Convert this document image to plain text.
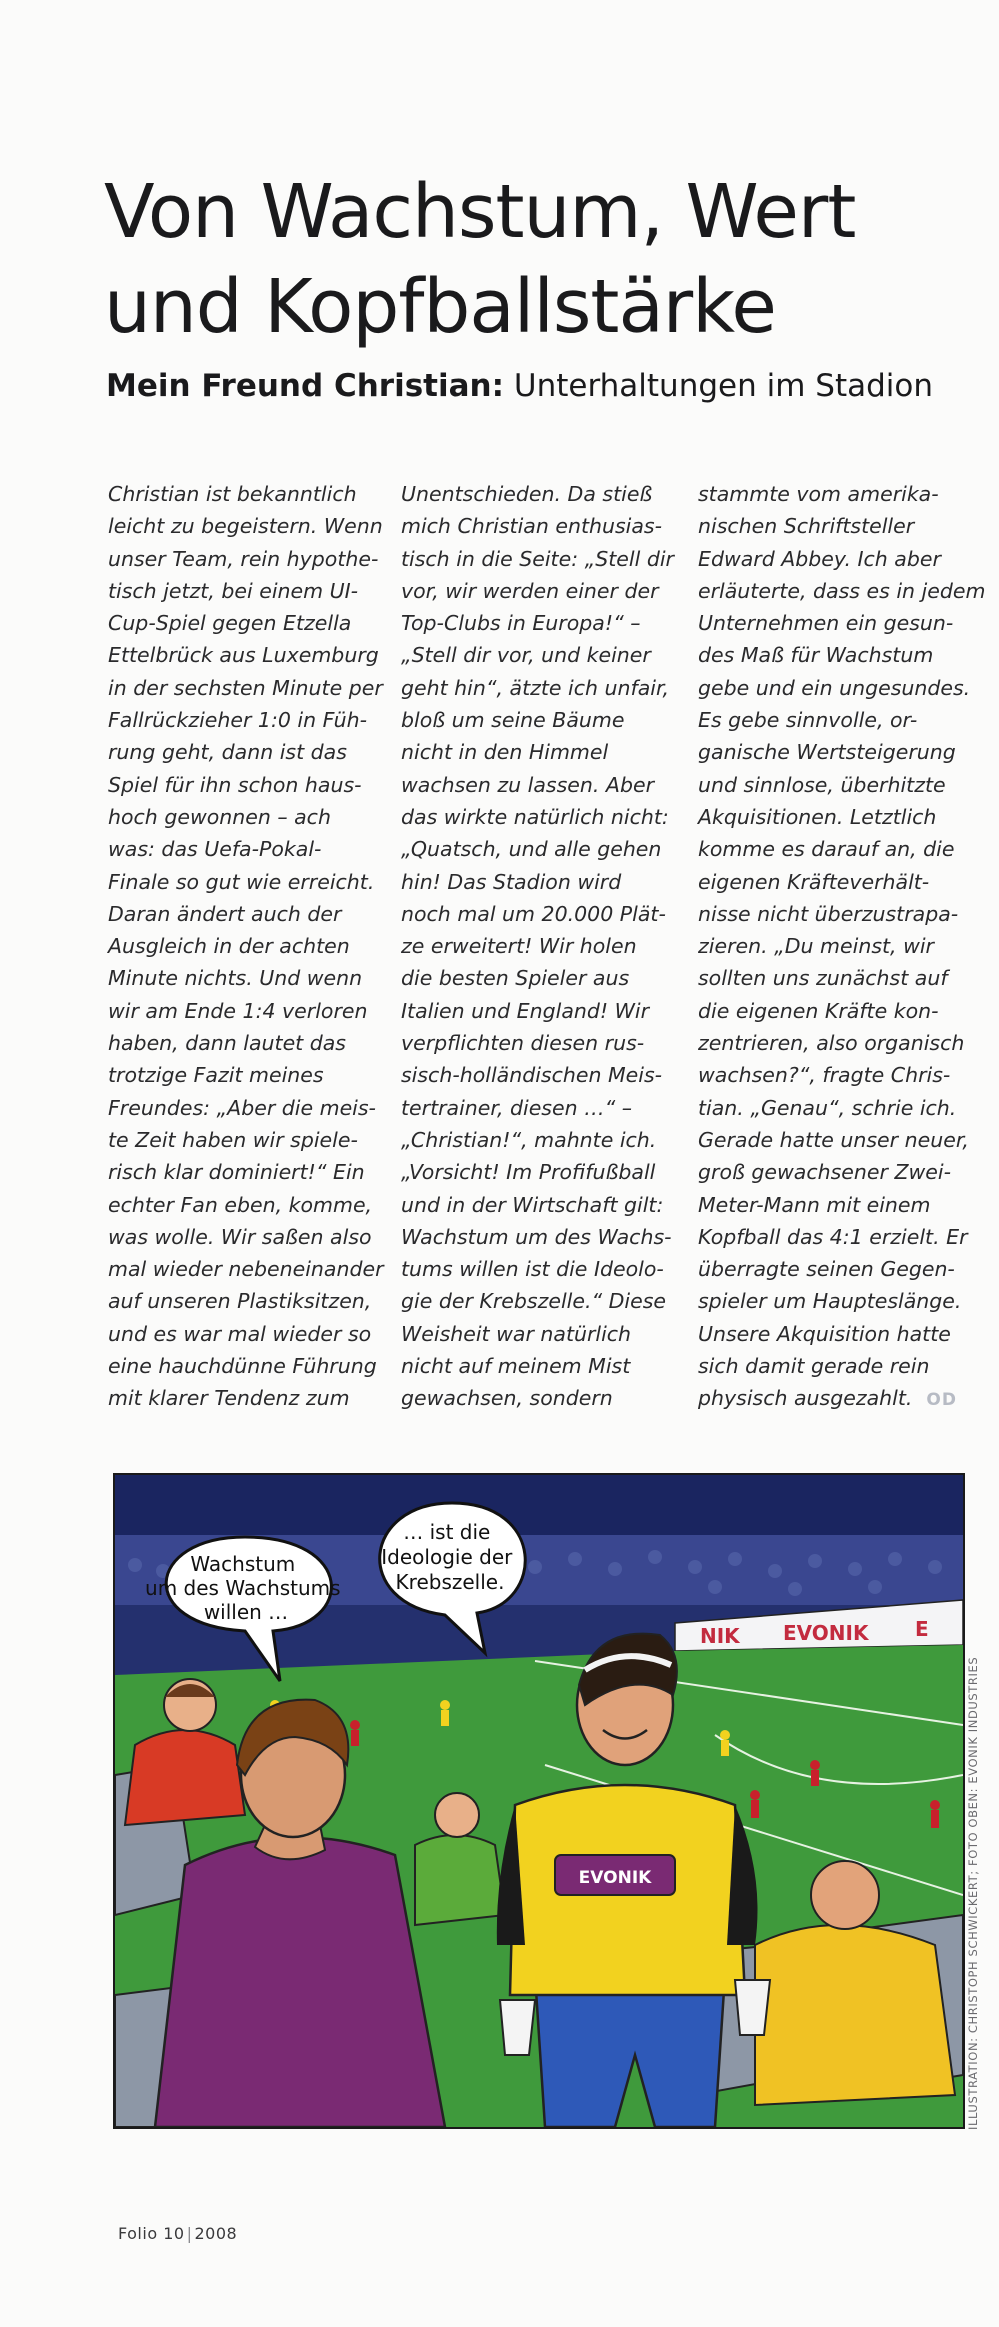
Von Wachstum, Wert
und Kopfballstärke

Mein Freund Christian: Unterhaltungen im Stadion

Christian ist bekanntlich
leicht zu begeistern. Wenn
unser Team, rein hypothe-
tisch jetzt, bei einem UI-
Cup-Spiel gegen Etzella
Ettelbrück aus Luxemburg
in der sechsten Minute per
Fallrückzieher 1:0 in Füh-
rung geht, dann ist das
Spiel für ihn schon haus-
hoch gewonnen – ach
was: das Uefa-Pokal-
Finale so gut wie erreicht.
Daran ändert auch der
Ausgleich in der achten
Minute nichts. Und wenn
wir am Ende 1:4 verloren
haben, dann lautet das
trotzige Fazit meines
Freundes: „Aber die meis-
te Zeit haben wir spiele-
risch klar dominiert!“ Ein
echter Fan eben, komme,
was wolle. Wir saßen also
mal wieder nebeneinander
auf unseren Plastiksitzen,
und es war mal wieder so
eine hauchdünne Führung
mit klarer Tendenz zum
Unentschieden. Da stieß
mich Christian enthusias-
tisch in die Seite: „Stell dir
vor, wir werden einer der
Top-Clubs in Europa!“ –
„Stell dir vor, und keiner
geht hin“, ätzte ich unfair,
bloß um seine Bäume
nicht in den Himmel
wachsen zu lassen. Aber
das wirkte natürlich nicht:
„Quatsch, und alle gehen
hin! Das Stadion wird
noch mal um 20.000 Plät-
ze erweitert! Wir holen
die besten Spieler aus
Italien und England! Wir
verpflichten diesen rus-
sisch-holländischen Meis-
tertrainer, diesen …“ –
„Christian!“, mahnte ich.
„Vorsicht! Im Profifußball
und in der Wirtschaft gilt:
Wachstum um des Wachs-
tums willen ist die Ideolo-
gie der Krebszelle.“ Diese
Weisheit war natürlich
nicht auf meinem Mist
gewachsen, sondern
stammte vom amerika-
nischen Schriftsteller
Edward Abbey. Ich aber
erläuterte, dass es in jedem
Unternehmen ein gesun-
des Maß für Wachstum
gebe und ein ungesundes.
Es gebe sinnvolle, or-
ganische Wertsteigerung
und sinnlose, überhitzte
Akquisitionen. Letztlich
komme es darauf an, die
eigenen Kräfteverhält-
nisse nicht überzustrapa-
zieren. „Du meinst, wir
sollten uns zunächst auf
die eigenen Kräfte kon-
zentrieren, also organisch
wachsen?“, fragte Chris-
tian. „Genau“, schrie ich.
Gerade hatte unser neuer,
groß gewachsener Zwei-
Meter-Mann mit einem
Kopfball das 4:1 erzielt. Er
überragte seinen Gegen-
spieler um Haupteslänge.
Unsere Akquisition hatte
sich damit gerade rein
physisch ausgezahlt. OD
NIK EVONIK E
EVONIK
Wachstum um des Wachstums willen …
… ist die Ideologie der Krebszelle.
ILLUSTRATION: CHRISTOPH SCHWICKERT; FOTO OBEN: EVONIK INDUSTRIES
Folio 10 | 2008
